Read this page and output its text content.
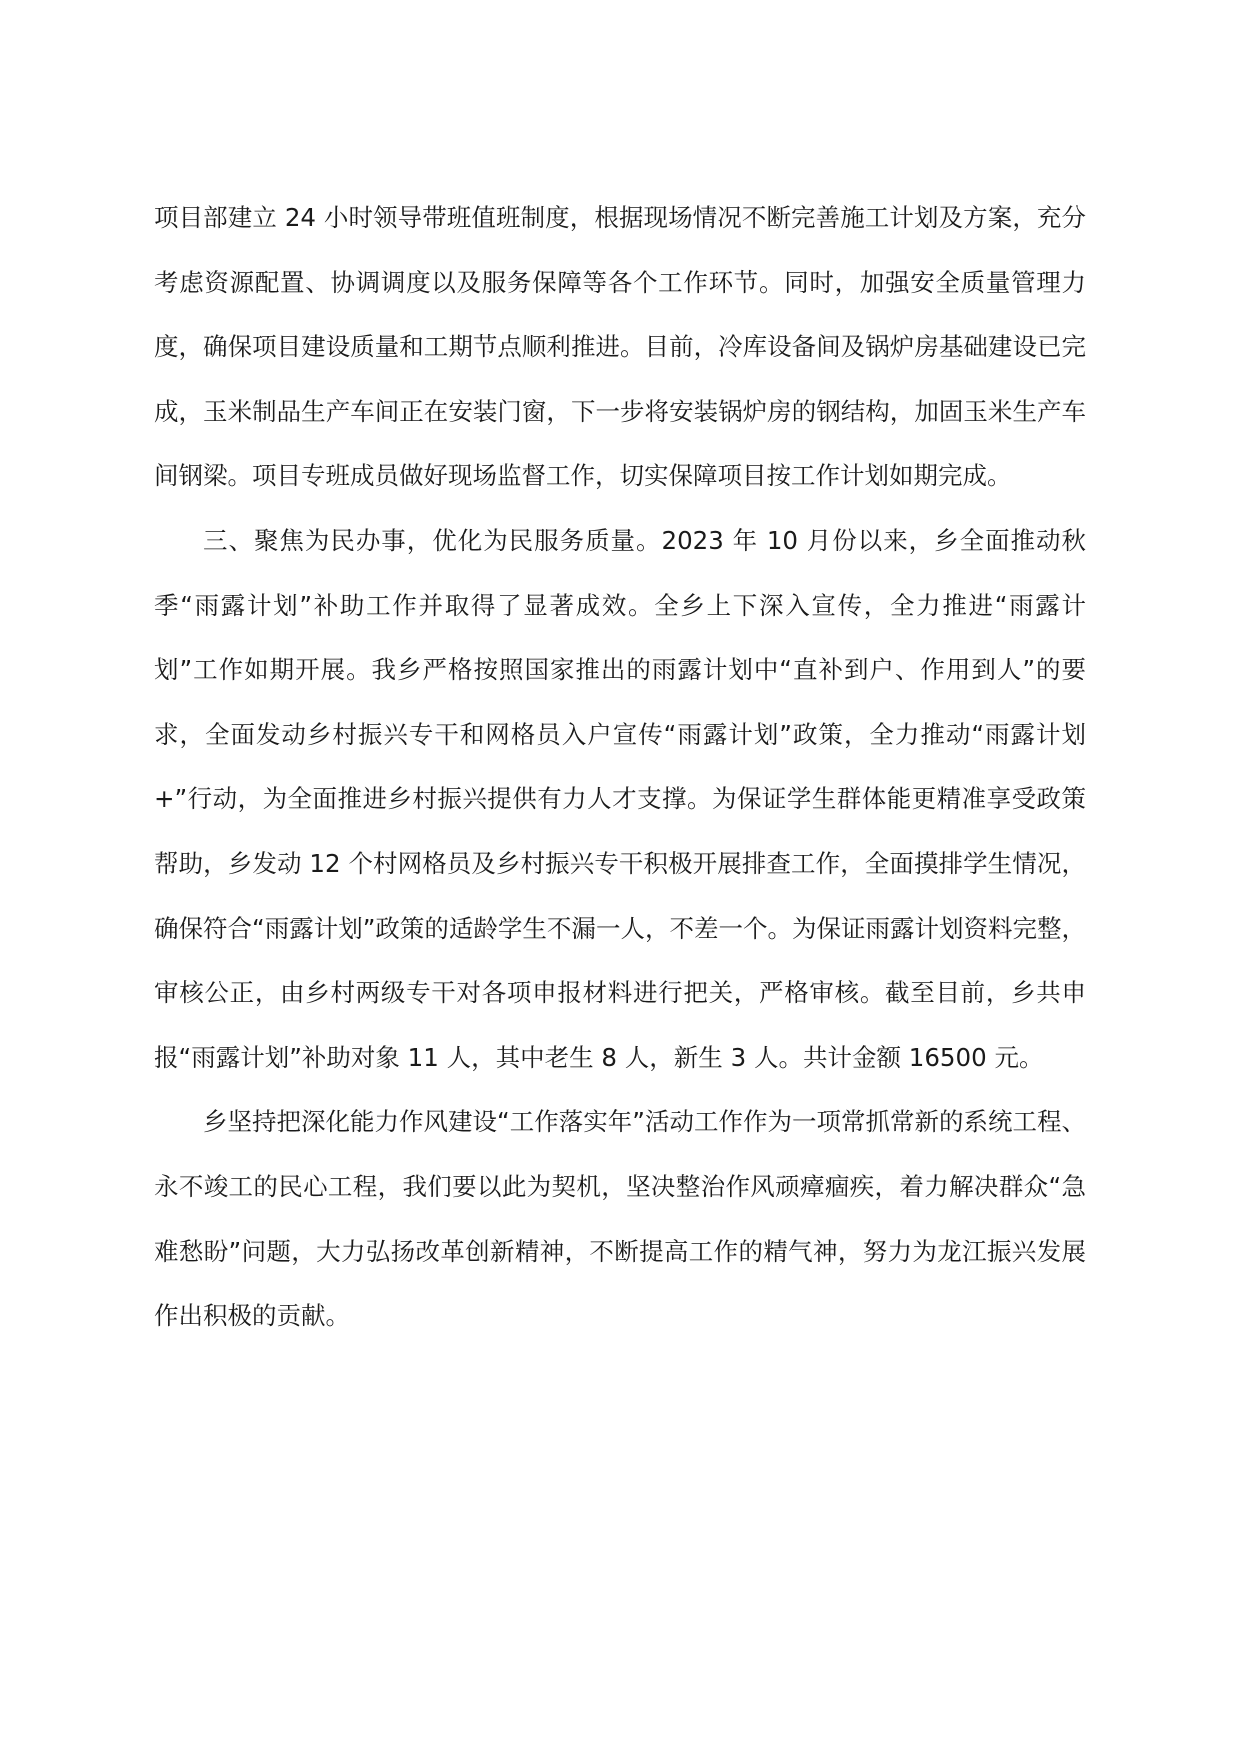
项目部建立 24 小时领导带班值班制度，根据现场情况不断完善施工计划及方案，充分考虑资源配置、协调调度以及服务保障等各个工作环节。同时，加强安全质量管理力度，确保项目建设质量和工期节点顺利推进。目前，冷库设备间及锅炉房基础建设已完成，玉米制品生产车间正在安装门窗，下一步将安装锅炉房的钢结构，加固玉米生产车间钢梁。项目专班成员做好现场监督工作，切实保障项目按工作计划如期完成。

三、聚焦为民办事，优化为民服务质量。2023 年 10 月份以来，乡全面推动秋季“雨露计划”补助工作并取得了显著成效。全乡上下深入宣传，全力推进“雨露计划”工作如期开展。我乡严格按照国家推出的雨露计划中“直补到户、作用到人”的要求，全面发动乡村振兴专干和网格员入户宣传“雨露计划”政策，全力推动“雨露计划+”行动，为全面推进乡村振兴提供有力人才支撑。为保证学生群体能更精准享受政策帮助，乡发动 12 个村网格员及乡村振兴专干积极开展排查工作，全面摸排学生情况，确保符合“雨露计划”政策的适龄学生不漏一人，不差一个。为保证雨露计划资料完整，审核公正，由乡村两级专干对各项申报材料进行把关，严格审核。截至目前，乡共申报“雨露计划”补助对象 11 人，其中老生 8 人，新生 3 人。共计金额 16500 元。

乡坚持把深化能力作风建设“工作落实年”活动工作作为一项常抓常新的系统工程、永不竣工的民心工程，我们要以此为契机，坚决整治作风顽瘴痼疾，着力解决群众“急难愁盼”问题，大力弘扬改革创新精神，不断提高工作的精气神，努力为龙江振兴发展作出积极的贡献。
